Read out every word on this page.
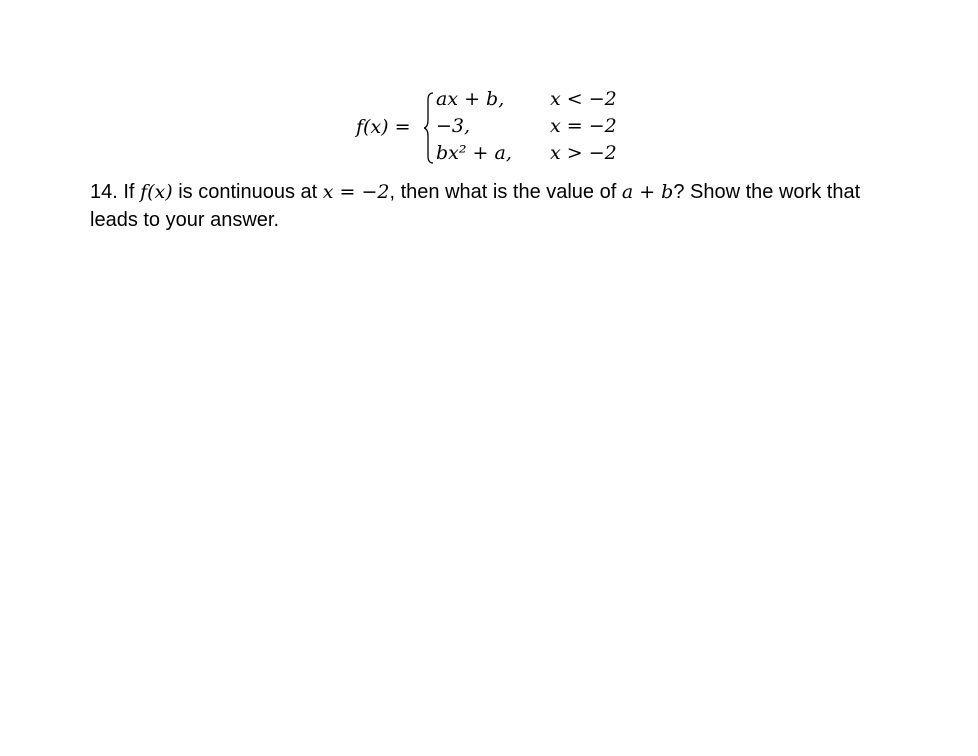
f(x) =
ax + b, x < −2
−3,	x = −2
bx² + a, x > −2
14. If f(x) is continuous at x = −2, then what is the value of a + b? Show the work that leads to your answer.
